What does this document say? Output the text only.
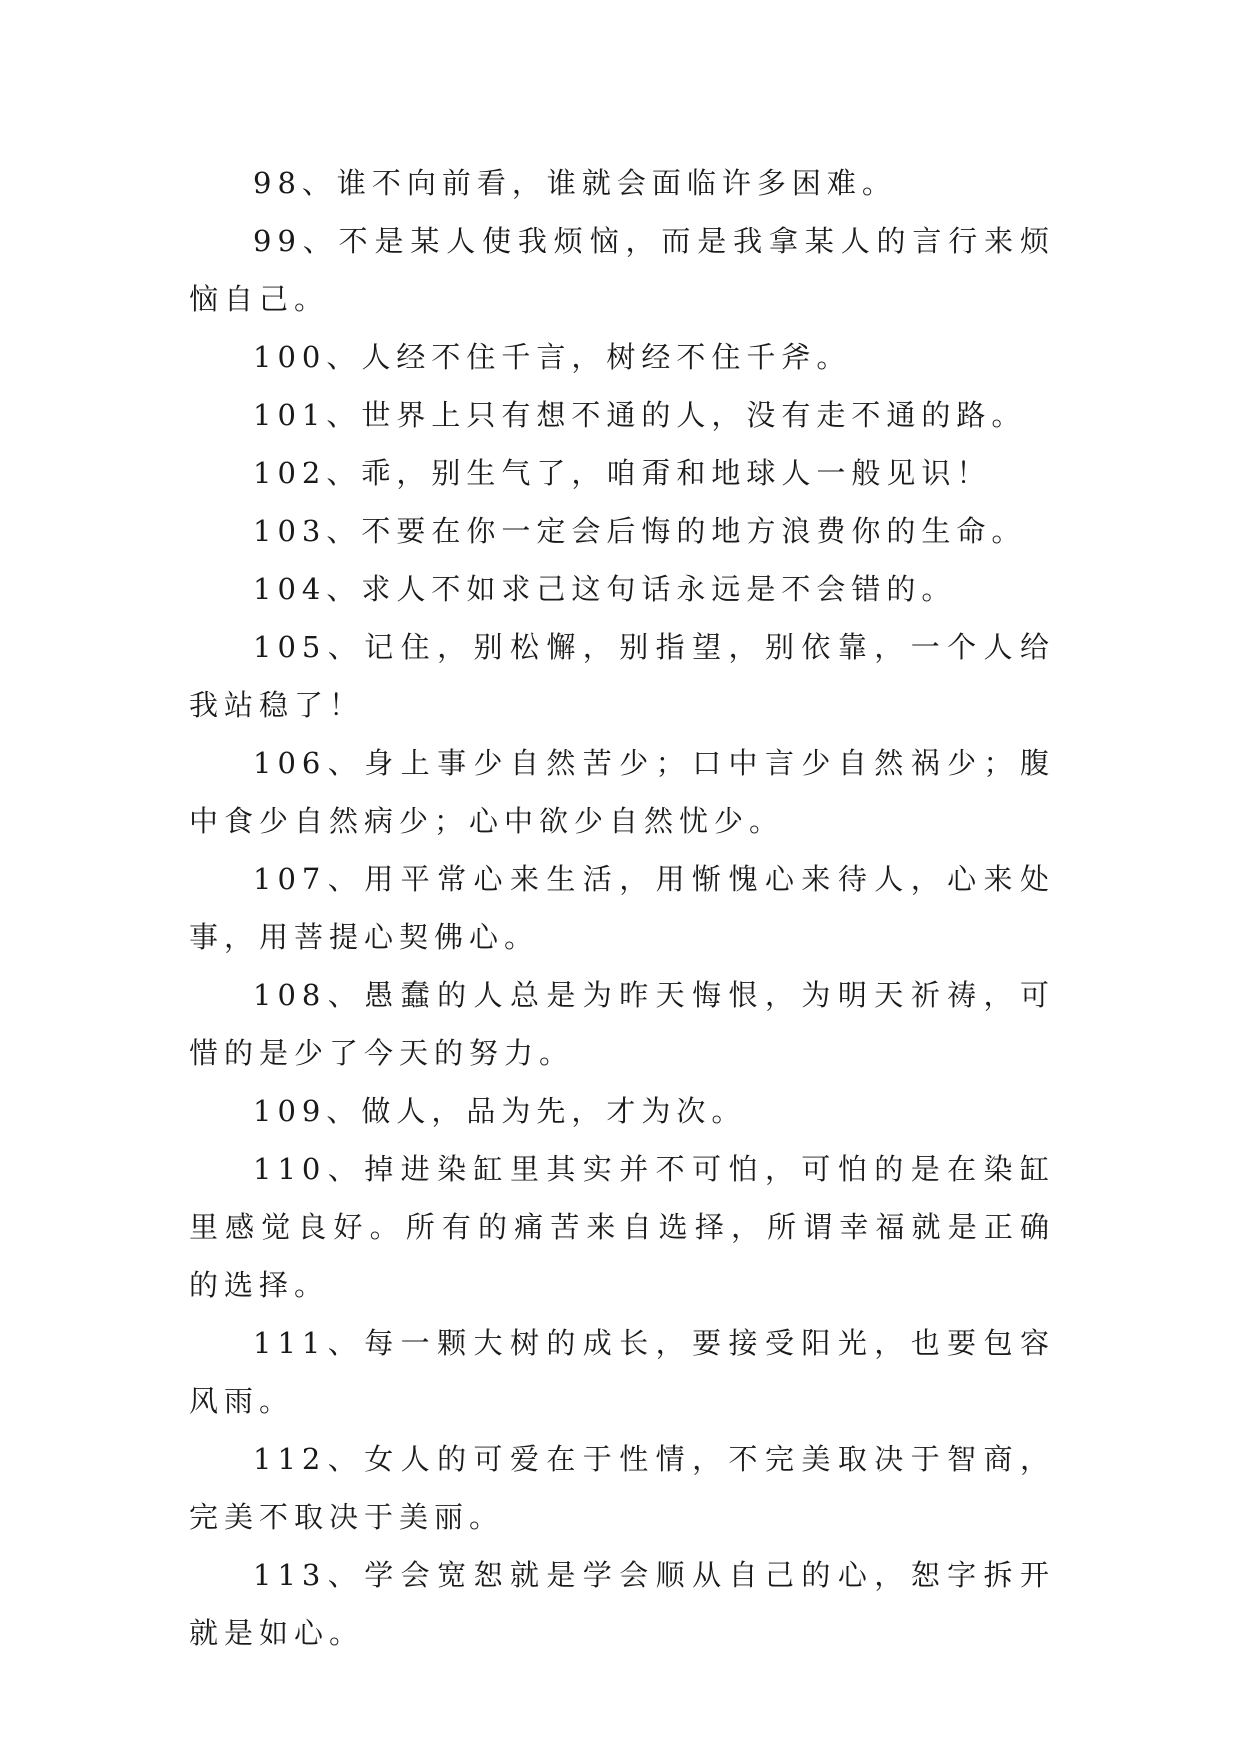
98、谁不向前看，谁就会面临许多困难。

99、不是某人使我烦恼，而是我拿某人的言行来烦恼自己。

100、人经不住千言，树经不住千斧。

101、世界上只有想不通的人，没有走不通的路。

102、乖，别生气了，咱甭和地球人一般见识！

103、不要在你一定会后悔的地方浪费你的生命。

104、求人不如求己这句话永远是不会错的。

105、记住，别松懈，别指望，别依靠，一个人给我站稳了！

106、身上事少自然苦少；口中言少自然祸少；腹中食少自然病少；心中欲少自然忧少。

107、用平常心来生活，用惭愧心来待人，心来处事，用菩提心契佛心。

108、愚蠢的人总是为昨天悔恨，为明天祈祷，可惜的是少了今天的努力。

109、做人，品为先，才为次。

110、掉进染缸里其实并不可怕，可怕的是在染缸里感觉良好。所有的痛苦来自选择，所谓幸福就是正确的选择。

111、每一颗大树的成长，要接受阳光，也要包容风雨。

112、女人的可爱在于性情，不完美取决于智商，完美不取决于美丽。

113、学会宽恕就是学会顺从自己的心，恕字拆开就是如心。
